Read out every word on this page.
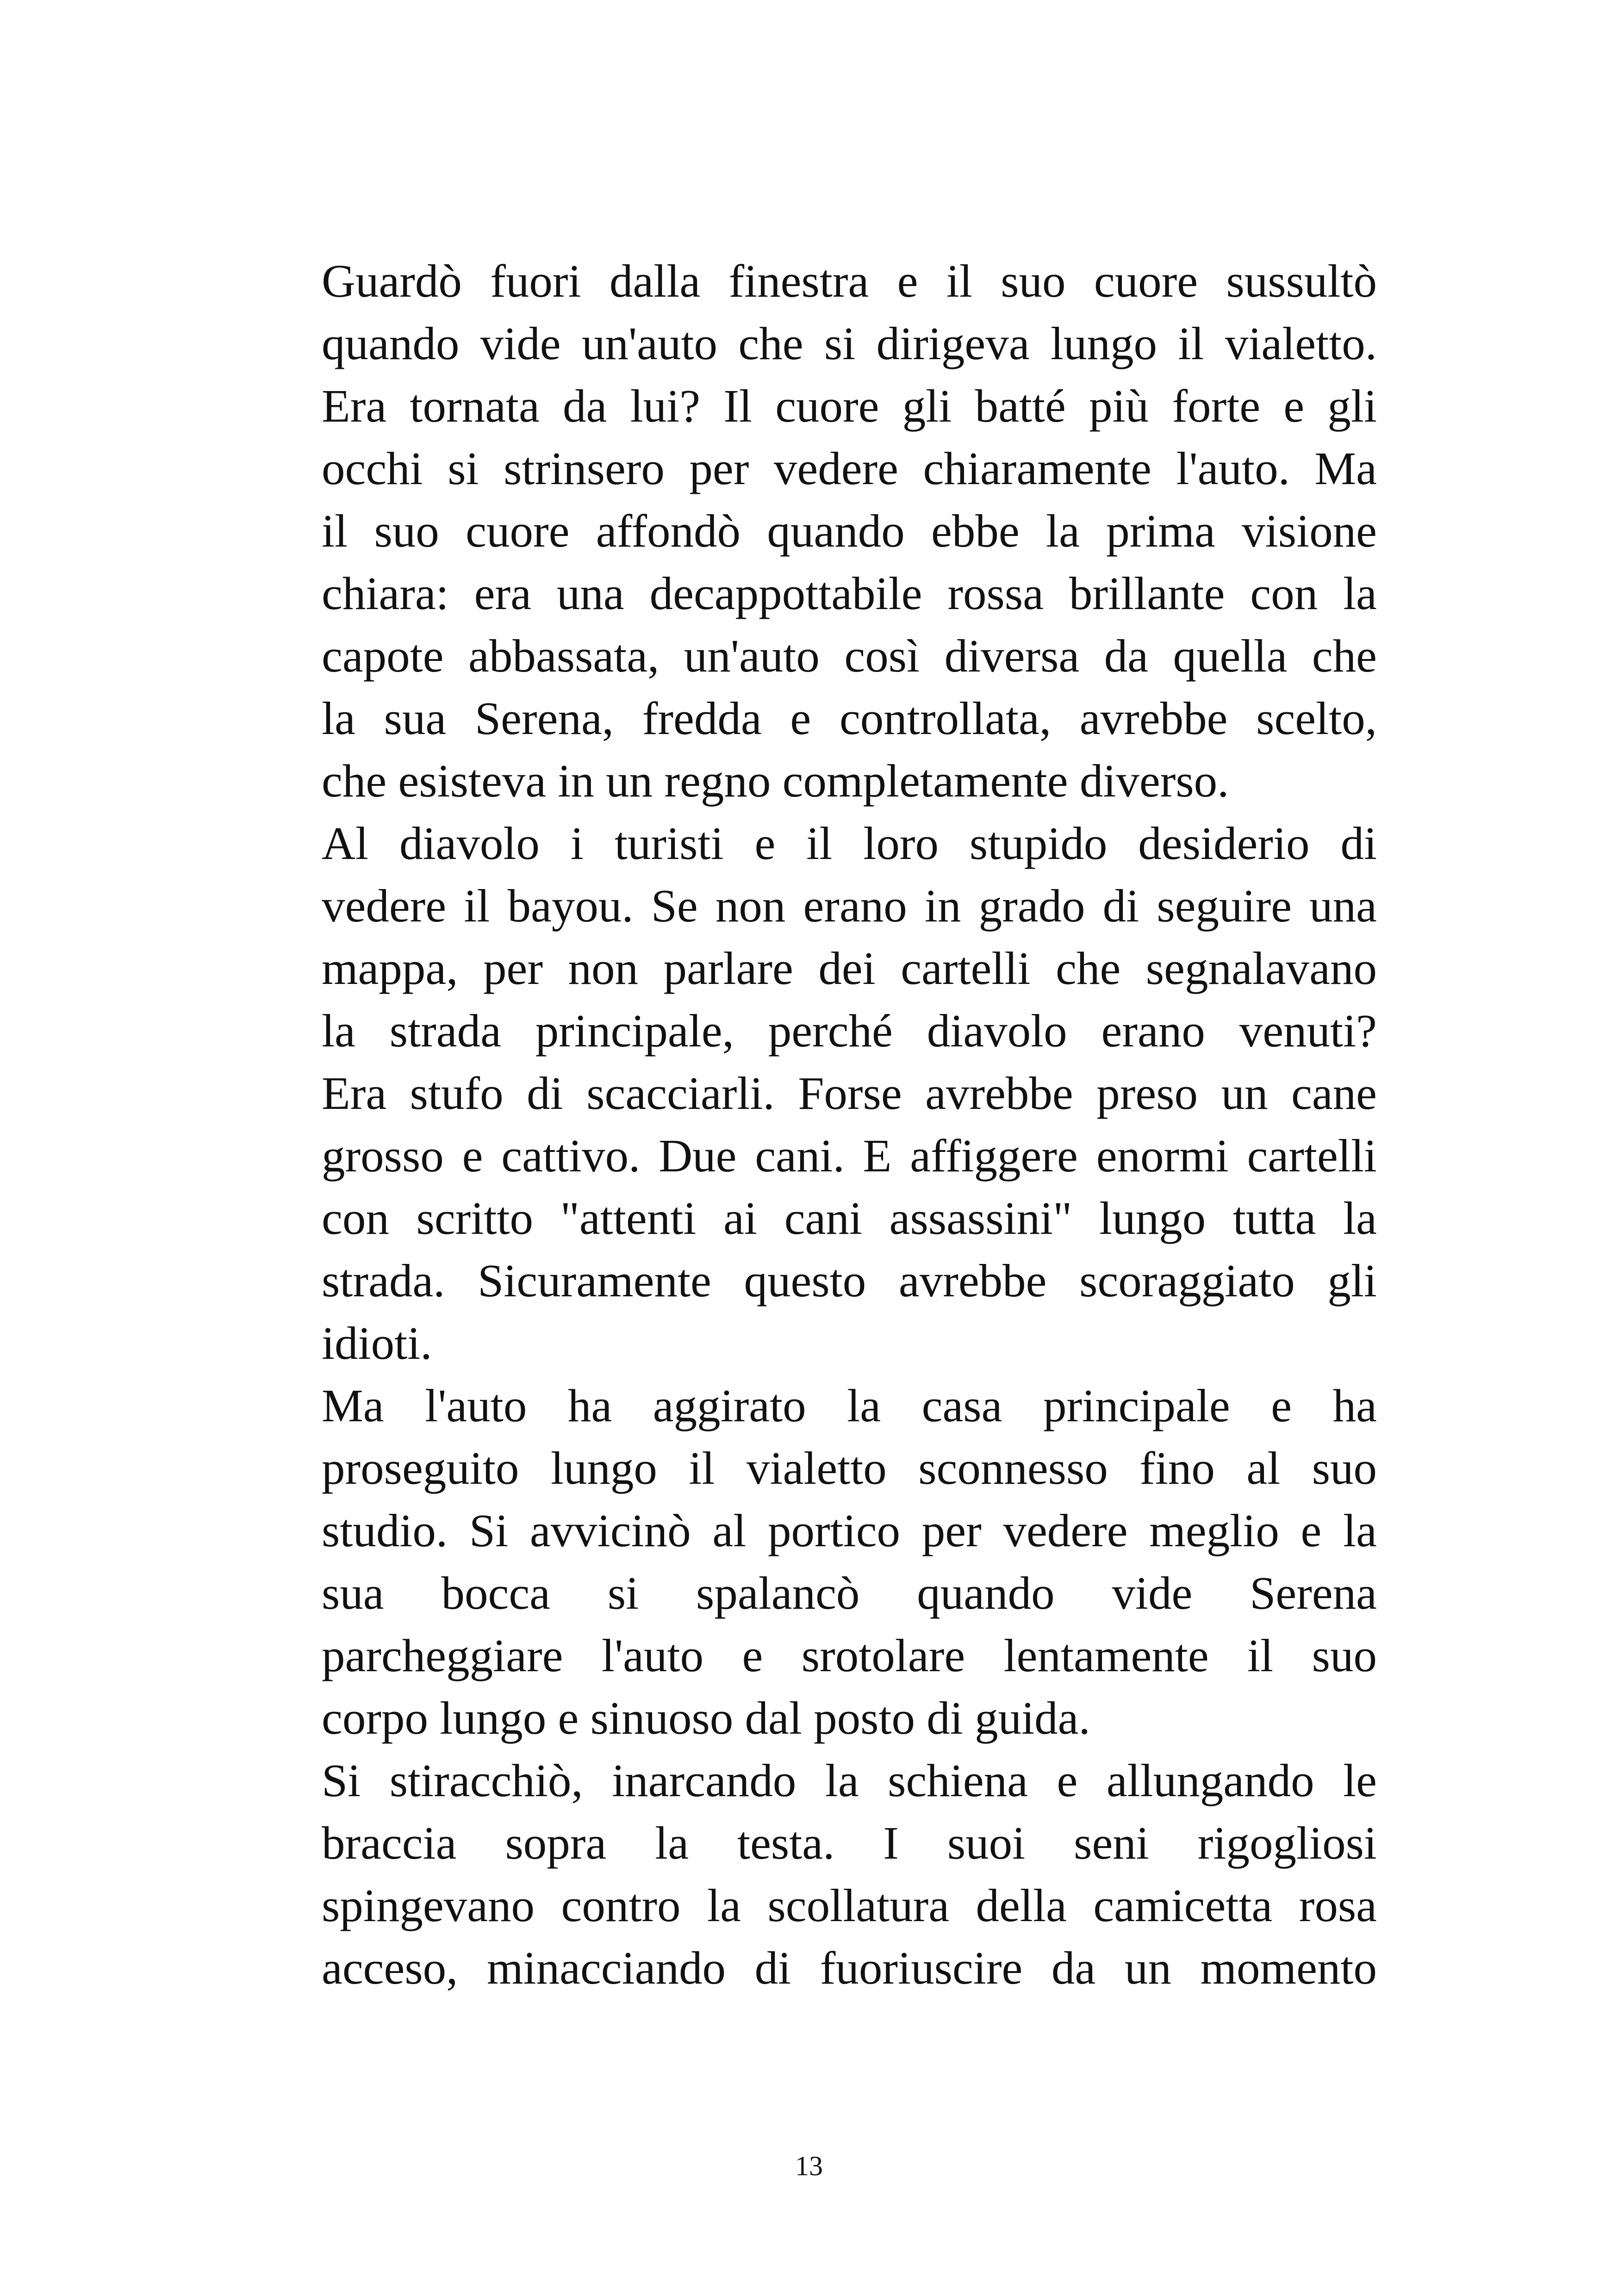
Guardò fuori dalla finestra e il suo cuore sussultò
quando vide un'auto che si dirigeva lungo il vialetto.
Era tornata da lui? Il cuore gli batté più forte e gli
occhi si strinsero per vedere chiaramente l'auto. Ma
il suo cuore affondò quando ebbe la prima visione
chiara: era una decappottabile rossa brillante con la
capote abbassata, un'auto così diversa da quella che
la sua Serena, fredda e controllata, avrebbe scelto,
che esisteva in un regno completamente diverso.

Al diavolo i turisti e il loro stupido desiderio di
vedere il bayou. Se non erano in grado di seguire una
mappa, per non parlare dei cartelli che segnalavano
la strada principale, perché diavolo erano venuti?
Era stufo di scacciarli. Forse avrebbe preso un cane
grosso e cattivo. Due cani. E affiggere enormi cartelli
con scritto "attenti ai cani assassini" lungo tutta la
strada. Sicuramente questo avrebbe scoraggiato gli
idioti.

Ma l'auto ha aggirato la casa principale e ha
proseguito lungo il vialetto sconnesso fino al suo
studio. Si avvicinò al portico per vedere meglio e la
sua bocca si spalancò quando vide Serena
parcheggiare l'auto e srotolare lentamente il suo
corpo lungo e sinuoso dal posto di guida.

Si stiracchiò, inarcando la schiena e allungando le
braccia sopra la testa. I suoi seni rigogliosi
spingevano contro la scollatura della camicetta rosa
acceso, minacciando di fuoriuscire da un momento

13
